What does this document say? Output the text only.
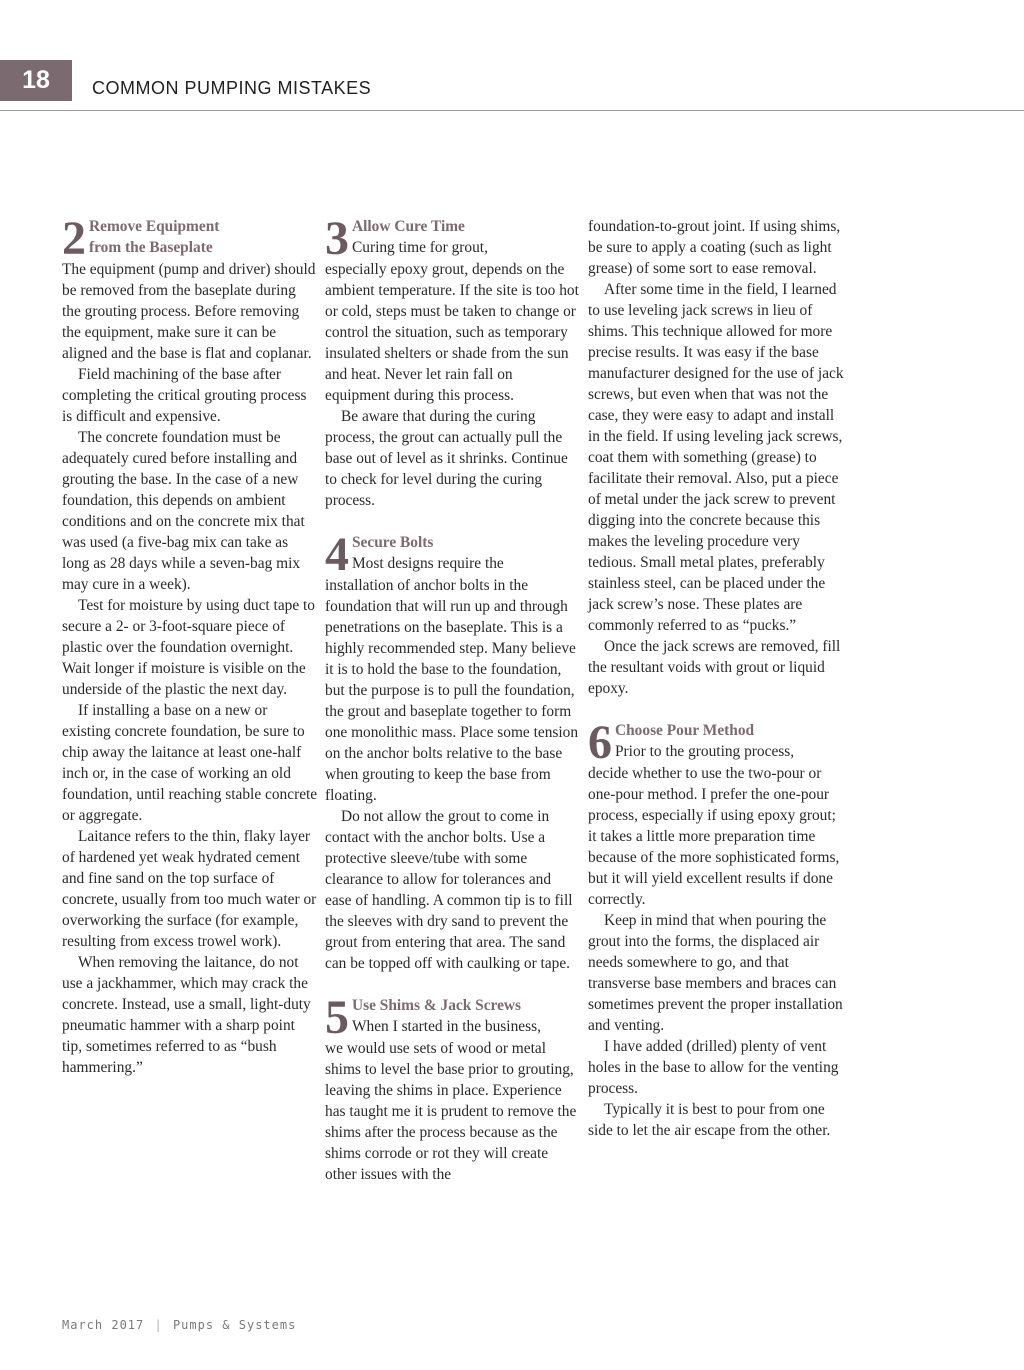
18	COMMON PUMPING MISTAKES
2 Remove Equipment
from the Baseplate

The equipment (pump and driver) should be removed from the baseplate during the grouting process. Before removing the equipment, make sure it can be aligned and the base is flat and coplanar.

Field machining of the base after completing the critical grouting process is difficult and expensive.

The concrete foundation must be adequately cured before installing and grouting the base. In the case of a new foundation, this depends on ambient conditions and on the concrete mix that was used (a five-bag mix can take as long as 28 days while a seven-bag mix may cure in a week).

Test for moisture by using duct tape to secure a 2- or 3-foot-square piece of plastic over the foundation overnight. Wait longer if moisture is visible on the underside of the plastic the next day.

If installing a base on a new or existing concrete foundation, be sure to chip away the laitance at least one-half inch or, in the case of working an old foundation, until reaching stable concrete or aggregate.

Laitance refers to the thin, flaky layer of hardened yet weak hydrated cement and fine sand on the top surface of concrete, usually from too much water or overworking the surface (for example, resulting from excess trowel work).

When removing the laitance, do not use a jackhammer, which may crack the concrete. Instead, use a small, light-duty pneumatic hammer with a sharp point tip, sometimes referred to as “bush hammering.”

3 Allow Cure Time

Curing time for grout,

especially epoxy grout, depends on the ambient temperature. If the site is too hot or cold, steps must be taken to change or control the situation, such as temporary insulated shelters or shade from the sun and heat. Never let rain fall on equipment during this process.

Be aware that during the curing process, the grout can actually pull the base out of level as it shrinks. Continue to check for level during the curing process.

4 Secure Bolts

Most designs require the

installation of anchor bolts in the foundation that will run up and through penetrations on the baseplate. This is a highly recommended step. Many believe it is to hold the base to the foundation, but the purpose is to pull the foundation, the grout and baseplate together to form one monolithic mass. Place some tension on the anchor bolts relative to the base when grouting to keep the base from floating.

Do not allow the grout to come in contact with the anchor bolts. Use a protective sleeve/tube with some clearance to allow for tolerances and ease of handling. A common tip is to fill the sleeves with dry sand to prevent the grout from entering that area. The sand can be topped off with caulking or tape.

5 Use Shims & Jack Screws

When I started in the business,

we would use sets of wood or metal shims to level the base prior to grouting, leaving the shims in place. Experience has taught me it is prudent to remove the shims after the process because as the shims corrode or rot they will create other issues with the

foundation-to-grout joint. If using shims, be sure to apply a coating (such as light grease) of some sort to ease removal.

After some time in the field, I learned to use leveling jack screws in lieu of shims. This technique allowed for more precise results. It was easy if the base manufacturer designed for the use of jack screws, but even when that was not the case, they were easy to adapt and install in the field. If using leveling jack screws, coat them with something (grease) to facilitate their removal. Also, put a piece of metal under the jack screw to prevent digging into the concrete because this makes the leveling procedure very tedious. Small metal plates, preferably stainless steel, can be placed under the jack screw’s nose. These plates are commonly referred to as “pucks.”

Once the jack screws are removed, fill the resultant voids with grout or liquid epoxy.

6 Choose Pour Method

Prior to the grouting process,

decide whether to use the two-pour or one-pour method. I prefer the one-pour process, especially if using epoxy grout; it takes a little more preparation time because of the more sophisticated forms, but it will yield excellent results if done correctly.

Keep in mind that when pouring the grout into the forms, the displaced air needs somewhere to go, and that transverse base members and braces can sometimes prevent the proper installation and venting.

I have added (drilled) plenty of vent holes in the base to allow for the venting process.

Typically it is best to pour from one side to let the air escape from the other.

March 2017 | Pumps & Systems
